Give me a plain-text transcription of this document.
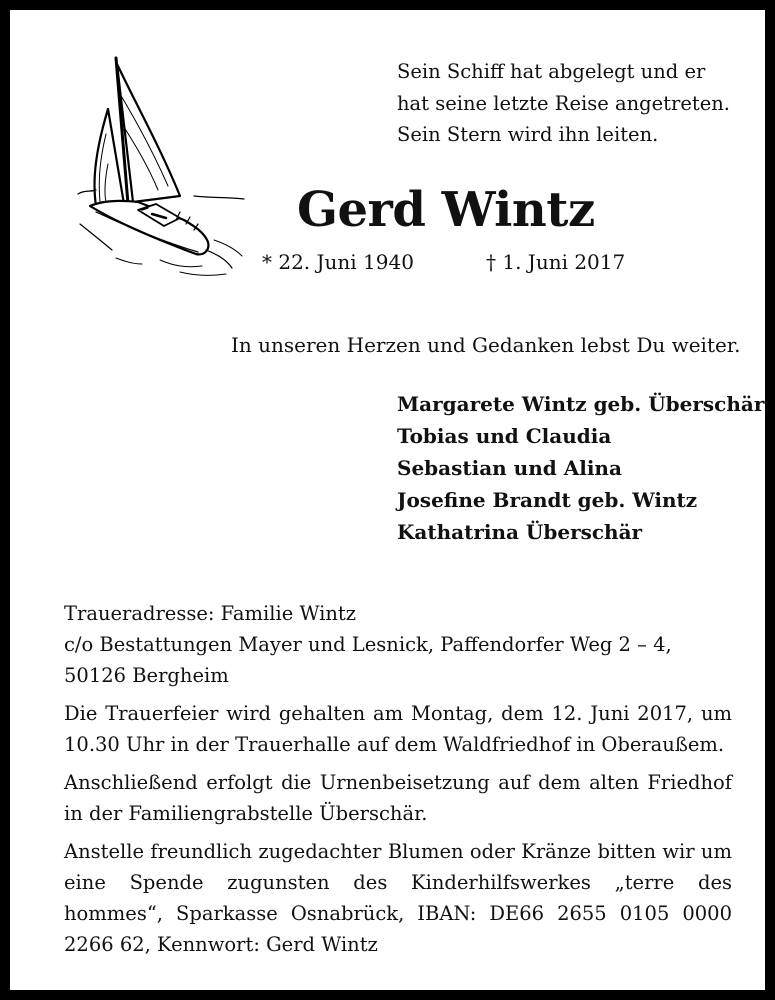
Sein Schiff hat abgelegt und er
hat seine letzte Reise angetreten.
Sein Stern wird ihn leiten.
Gerd Wintz
* 22. Juni 1940	† 1. Juni 2017
In unseren Herzen und Gedanken lebst Du weiter.
Margarete Wintz geb. Überschär
Tobias und Claudia
Sebastian und Alina
Josefine Brandt geb. Wintz
Kathatrina Überschär

Traueradresse: Familie Wintz
c/o Bestattungen Mayer und Lesnick, Paffendorfer Weg 2 – 4,
50126 Bergheim

Die Trauerfeier wird gehalten am Montag, dem 12. Juni 2017, um 10.30 Uhr in der Trauerhalle auf dem Waldfriedhof in Oberaußem.

Anschließend erfolgt die Urnenbeisetzung auf dem alten Friedhof in der Familiengrabstelle Überschär.

Anstelle freundlich zugedachter Blumen oder Kränze bitten wir um eine Spende zugunsten des Kinderhilfswerkes „terre des hommes“, Sparkasse Osnabrück, IBAN: DE66 2655 0105 0000 2266 62, Kennwort: Gerd Wintz
